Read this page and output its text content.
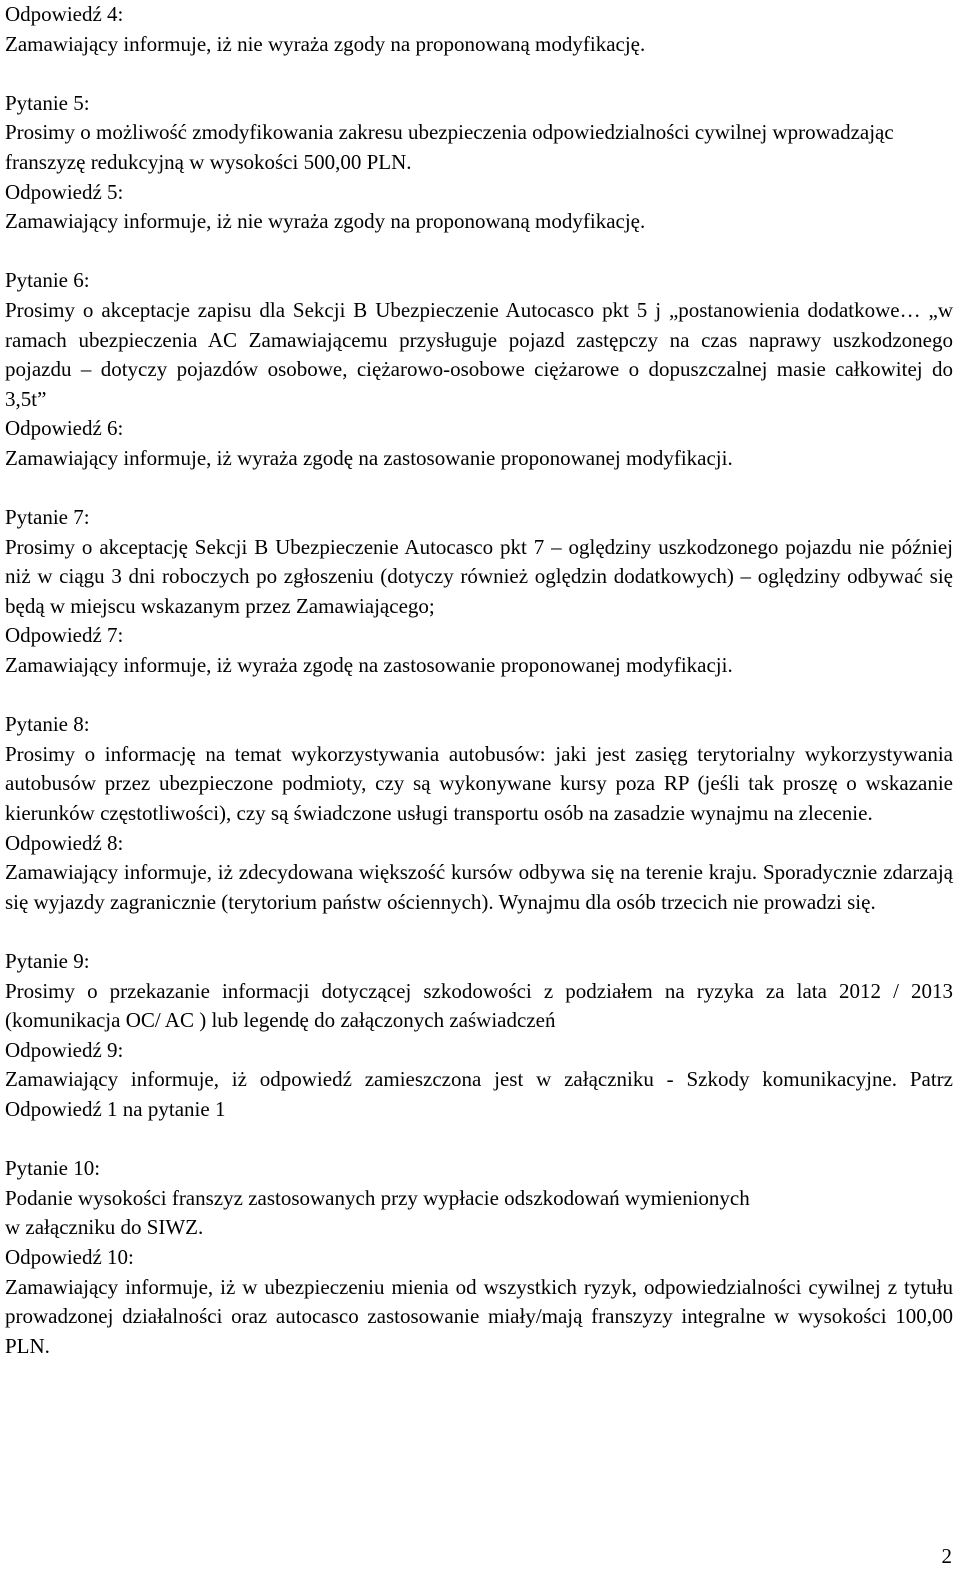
Odpowiedź 4:
Zamawiający informuje, iż nie wyraża zgody na proponowaną modyfikację.
Pytanie 5:
Prosimy o możliwość zmodyfikowania zakresu ubezpieczenia odpowiedzialności cywilnej wprowadzając franszyzę redukcyjną w wysokości 500,00 PLN.
Odpowiedź 5:
Zamawiający informuje, iż nie wyraża zgody na proponowaną modyfikację.
Pytanie 6:
Prosimy o akceptacje zapisu dla Sekcji B Ubezpieczenie Autocasco pkt 5 j „postanowienia dodatkowe… „w ramach ubezpieczenia AC Zamawiającemu przysługuje pojazd zastępczy na czas naprawy uszkodzonego pojazdu – dotyczy pojazdów osobowe, ciężarowo-osobowe ciężarowe o dopuszczalnej masie całkowitej do 3,5t”
Odpowiedź 6:
Zamawiający informuje, iż wyraża zgodę na zastosowanie proponowanej modyfikacji.
Pytanie 7:
Prosimy o akceptację Sekcji B Ubezpieczenie Autocasco pkt 7 – oględziny uszkodzonego pojazdu nie później niż w ciągu 3 dni roboczych po zgłoszeniu (dotyczy również oględzin dodatkowych) – oględziny odbywać się będą w miejscu wskazanym przez Zamawiającego;
Odpowiedź 7:
Zamawiający informuje, iż wyraża zgodę na zastosowanie proponowanej modyfikacji.
Pytanie 8:
Prosimy o informację na temat wykorzystywania autobusów: jaki jest zasięg terytorialny wykorzystywania autobusów przez ubezpieczone podmioty, czy są wykonywane kursy poza RP (jeśli tak proszę o wskazanie kierunków częstotliwości), czy są świadczone usługi transportu osób na zasadzie wynajmu na zlecenie.
Odpowiedź 8:
Zamawiający informuje, iż zdecydowana większość kursów odbywa się na terenie kraju. Sporadycznie zdarzają się wyjazdy zagranicznie (terytorium państw ościennych). Wynajmu dla osób trzecich nie prowadzi się.
Pytanie 9:
Prosimy o przekazanie informacji dotyczącej szkodowości z podziałem na ryzyka za lata 2012 / 2013 (komunikacja OC/ AC ) lub legendę do załączonych zaświadczeń
Odpowiedź 9:
Zamawiający informuje, iż odpowiedź zamieszczona jest w załączniku - Szkody komunikacyjne. Patrz Odpowiedź 1 na pytanie 1
Pytanie 10:
Podanie wysokości franszyz zastosowanych przy wypłacie odszkodowań wymienionych
w załączniku do SIWZ.
Odpowiedź 10:
Zamawiający informuje, iż w ubezpieczeniu mienia od wszystkich ryzyk, odpowiedzialności cywilnej z tytułu prowadzonej działalności oraz autocasco zastosowanie miały/mają franszyzy integralne w wysokości 100,00 PLN.
2
